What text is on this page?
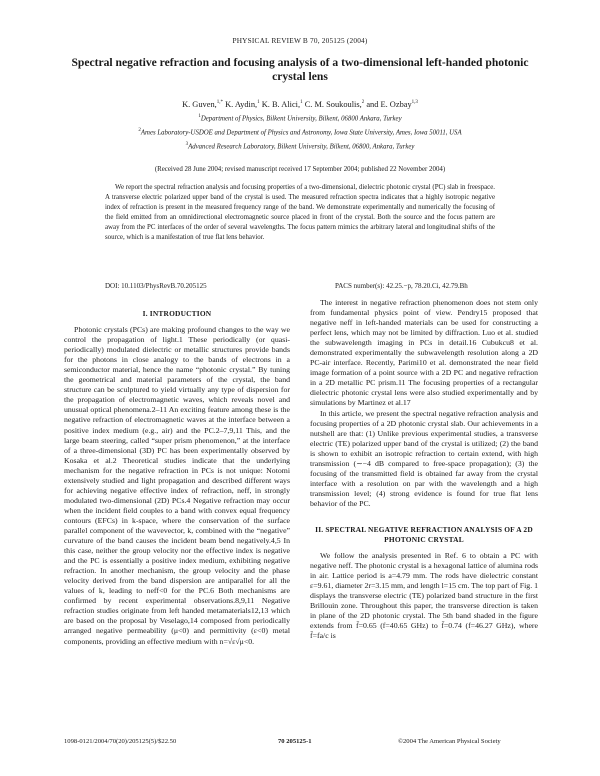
PHYSICAL REVIEW B 70, 205125 (2004)
Spectral negative refraction and focusing analysis of a two-dimensional left-handed photonic crystal lens
K. Guven,$^{1,*}$ K. Aydin,$^1$ K. B. Alici,$^1$ C. M. Soukoulis,$^2$ and E. Ozbay$^{1,3}$
$^1$Department of Physics, Bilkent University, Bilkent, 06800 Ankara, Turkey
$^2$Ames Laboratory-USDOE and Department of Physics and Astronomy, Iowa State University, Ames, Iowa 50011, USA
$^3$Advanced Research Laboratory, Bilkent University, Bilkent, 06800, Ankara, Turkey
(Received 28 June 2004; revised manuscript received 17 September 2004; published 22 November 2004)
We report the spectral refraction analysis and focusing properties of a two-dimensional, dielectric photonic crystal (PC) slab in freespace. A transverse electric polarized upper band of the crystal is used. The measured refraction spectra indicates that a highly isotropic negative index of refraction is present in the measured frequency range of the band. We demonstrate experimentally and numerically the focusing of the field emitted from an omnidirectional electromagnetic source placed in front of the crystal. Both the source and the focus pattern are away from the PC interfaces of the order of several wavelengths. The focus pattern mimics the arbitrary lateral and longitudinal shifts of the source, which is a manifestation of true flat lens behavior.
DOI: 10.1103/PhysRevB.70.205125	PACS number(s): 42.25.−p, 78.20.Ci, 42.79.Bh
I. INTRODUCTION

Photonic crystals (PCs) are making profound changes to the way we control the propagation of light.1 These periodically (or quasi-periodically) modulated dielectric or metallic structures provide bands for the photons in close analogy to the bands of electrons in a semiconductor material, hence the name “photonic crystal.” By tuning the geometrical and material parameters of the crystal, the band structure can be sculptured to yield virtually any type of dispersion for the propagation of electromagnetic waves, which reveals novel and unusual optical phenomena.2–11 An exciting feature among these is the negative refraction of electromagnetic waves at the interface between a positive index medium (e.g., air) and the PC.2–7,9,11 This, and the large beam steering, called “super prism phenomenon,” at the interface of a three-dimensional (3D) PC has been experimentally observed by Kosaka et al.2 Theoretical studies indicate that the underlying mechanism for the negative refraction in PCs is not unique: Notomi extensively studied and light propagation and described different ways for achieving negative effective index of refraction, neff, in strongly modulated two-dimensional (2D) PCs.4 Negative refraction may occur when the incident field couples to a band with convex equal frequency contours (EFCs) in k-space, where the conservation of the surface parallel component of the wavevector, k, combined with the “negative” curvature of the band causes the incident beam bend negatively.4,5 In this case, neither the group velocity nor the effective index is negative and the PC is essentially a positive index medium, exhibiting negative refraction. In another mechanism, the group velocity and the phase velocity derived from the band dispersion are antiparallel for all the values of k, leading to neff<0 for the PC.6 Both mechanisms are confirmed by recent experimental observations.8,9,11 Negative refraction studies originate from left handed metamaterials12,13 which are based on the proposal by Veselago,14 composed from periodically arranged negative permeability (μ<0) and permittivity (ε<0) metal components, providing an effective medium with n=√ε√μ<0.

The interest in negative refraction phenomenon does not stem only from fundamental physics point of view. Pendry15 proposed that negative neff in left-handed materials can be used for constructing a perfect lens, which may not be limited by diffraction. Luo et al. studied the subwavelength imaging in PCs in detail.16 Cubukcu8 et al. demonstrated experimentally the subwavelength resolution along a 2D PC-air interface. Recently, Parimi10 et al. demonstrated the near field image formation of a point source with a 2D PC and negative refraction in a 2D metallic PC prism.11 The focusing properties of a rectangular dielectric photonic crystal lens were also studied experimentally and by simulations by Martinez et al.17

In this article, we present the spectral negative refraction analysis and focusing properties of a 2D photonic crystal slab. Our achievements in a nutshell are that: (1) Unlike previous experimental studies, a transverse electric (TE) polarized upper band of the crystal is utilized; (2) the band is shown to exhibit an isotropic refraction to certain extend, with high transmission (∼−4 dB compared to free-space propagation); (3) the focusing of the transmitted field is obtained far away from the crystal interface with a resolution on par with the wavelength and a high transmission level; (4) strong evidence is found for true flat lens behavior of the PC.

II. SPECTRAL NEGATIVE REFRACTION ANALYSIS OF A 2D PHOTONIC CRYSTAL

We follow the analysis presented in Ref. 6 to obtain a PC with negative neff. The photonic crystal is a hexagonal lattice of alumina rods in air. Lattice period is a=4.79 mm. The rods have dielectric constant ε=9.61, diameter 2r=3.15 mm, and length l=15 cm. The top part of Fig. 1 displays the transverse electric (TE) polarized band structure in the first Brillouin zone. Throughout this paper, the transverse direction is taken in plane of the 2D photonic crystal. The 5th band shaded in the figure extends from f̄=0.65 (f=40.65 GHz) to f̄=0.74 (f=46.27 GHz), where f̄=fa/c is

1098-0121/2004/70(20)/205125(5)/$22.50	70 205125-1	©2004 The American Physical Society
